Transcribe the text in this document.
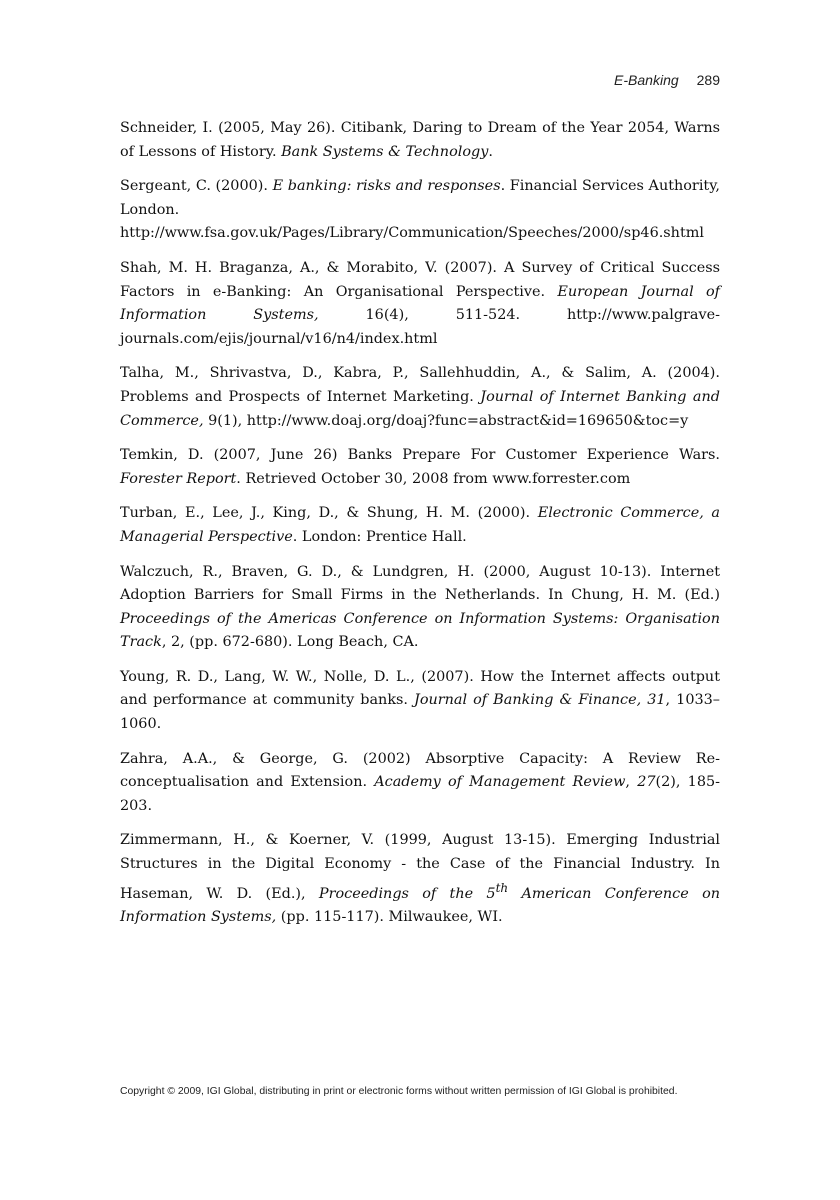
E-Banking 289

Schneider, I. (2005, May 26). Citibank, Daring to Dream of the Year 2054, Warns of Lessons of History. Bank Systems & Technology.

Sergeant, C. (2000). E banking: risks and responses. Financial Services Authority, London. http://www.fsa.gov.uk/Pages/Library/Communication/Speeches/2000/sp46.shtml

Shah, M. H. Braganza, A., & Morabito, V. (2007). A Survey of Critical Success Factors in e-Banking: An Organisational Perspective. European Journal of Information Systems, 16(4), 511-524. http://www.palgrave-journals.com/ejis/journal/v16/n4/index.html

Talha, M., Shrivastva, D., Kabra, P., Sallehhuddin, A., & Salim, A. (2004). Problems and Prospects of Internet Marketing. Journal of Internet Banking and Commerce, 9(1), http://www.doaj.org/doaj?func=abstract&id=169650&toc=y

Temkin, D. (2007, June 26) Banks Prepare For Customer Experience Wars. Forester Report. Retrieved October 30, 2008 from www.forrester.com

Turban, E., Lee, J., King, D., & Shung, H. M. (2000). Electronic Commerce, a Managerial Perspective. London: Prentice Hall.

Walczuch, R., Braven, G. D., & Lundgren, H. (2000, August 10-13). Internet Adoption Barriers for Small Firms in the Netherlands. In Chung, H. M. (Ed.) Proceedings of the Americas Conference on Information Systems: Organisation Track, 2, (pp. 672-680). Long Beach, CA.

Young, R. D., Lang, W. W., Nolle, D. L., (2007). How the Internet affects output and performance at community banks. Journal of Banking & Finance, 31, 1033–1060.

Zahra, A.A., & George, G. (2002) Absorptive Capacity: A Review Re-conceptualisation and Extension. Academy of Management Review, 27(2), 185-203.

Zimmermann, H., & Koerner, V. (1999, August 13-15). Emerging Industrial Structures in the Digital Economy - the Case of the Financial Industry. In Haseman, W. D. (Ed.), Proceedings of the 5th American Conference on Information Systems, (pp. 115-117). Milwaukee, WI.

Copyright © 2009, IGI Global, distributing in print or electronic forms without written permission of IGI Global is prohibited.
